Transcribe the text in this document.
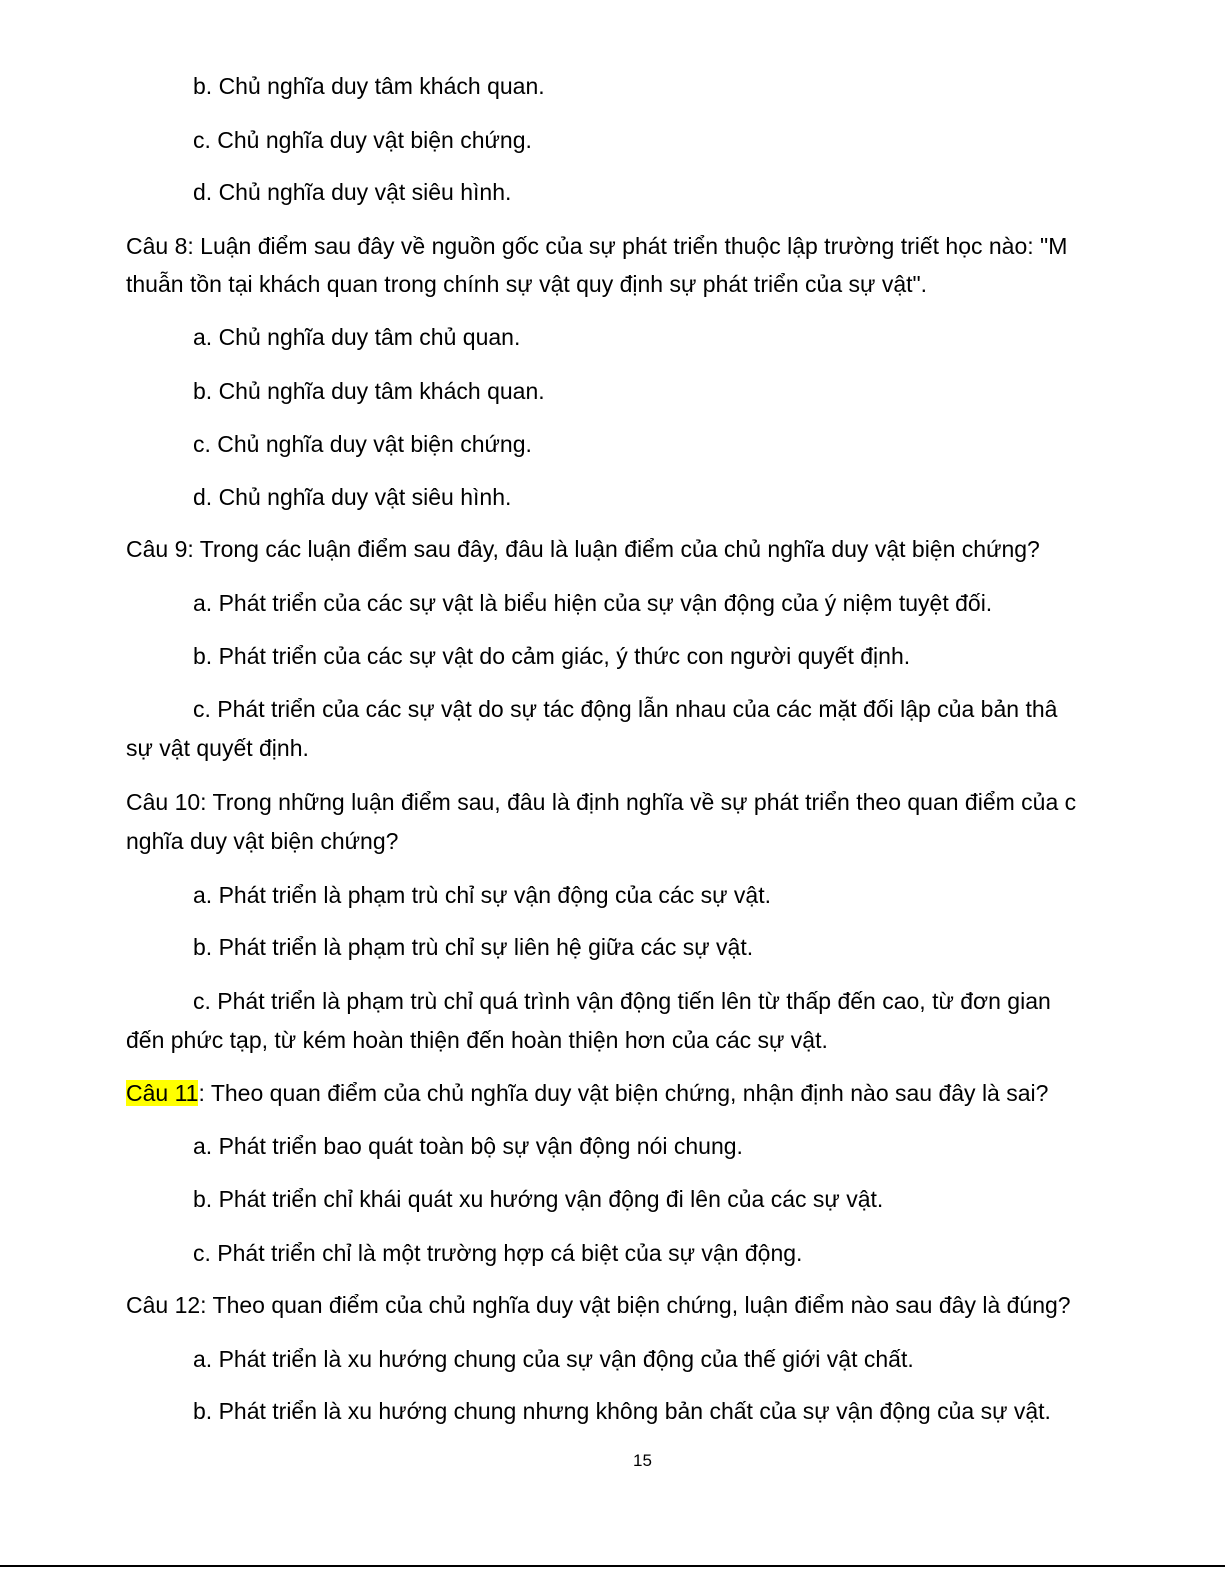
b. Chủ nghĩa duy tâm khách quan.
c. Chủ nghĩa duy vật biện chứng.
d. Chủ nghĩa duy vật siêu hình.
Câu 8: Luận điểm sau đây về nguồn gốc của sự phát triển thuộc lập trường triết học nào: "M
thuẫn tồn tại khách quan trong chính sự vật quy định sự phát triển của sự vật".
a. Chủ nghĩa duy tâm chủ quan.
b. Chủ nghĩa duy tâm khách quan.
c. Chủ nghĩa duy vật biện chứng.
d. Chủ nghĩa duy vật siêu hình.
Câu 9: Trong các luận điểm sau đây, đâu là luận điểm của chủ nghĩa duy vật biện chứng?
a. Phát triển của các sự vật là biểu hiện của sự vận động của ý niệm tuyệt đối.
b. Phát triển của các sự vật do cảm giác, ý thức con người quyết định.
c. Phát triển của các sự vật do sự tác động lẫn nhau của các mặt đối lập của bản thâ
sự vật quyết định.
Câu 10: Trong những luận điểm sau, đâu là định nghĩa về sự phát triển theo quan điểm của c
nghĩa duy vật biện chứng?
a. Phát triển là phạm trù chỉ sự vận động của các sự vật.
b. Phát triển là phạm trù chỉ sự liên hệ giữa các sự vật.
c. Phát triển là phạm trù chỉ quá trình vận động tiến lên từ thấp đến cao, từ đơn gian
đến phức tạp, từ kém hoàn thiện đến hoàn thiện hơn của các sự vật.
Câu 11: Theo quan điểm của chủ nghĩa duy vật biện chứng, nhận định nào sau đây là sai?
a. Phát triển bao quát toàn bộ sự vận động nói chung.
b. Phát triển chỉ khái quát xu hướng vận động đi lên của các sự vật.
c. Phát triển chỉ là một trường hợp cá biệt của sự vận động.
Câu 12: Theo quan điểm của chủ nghĩa duy vật biện chứng, luận điểm nào sau đây là đúng?
a. Phát triển là xu hướng chung của sự vận động của thế giới vật chất.
b. Phát triển là xu hướng chung nhưng không bản chất của sự vận động của sự vật.
15
